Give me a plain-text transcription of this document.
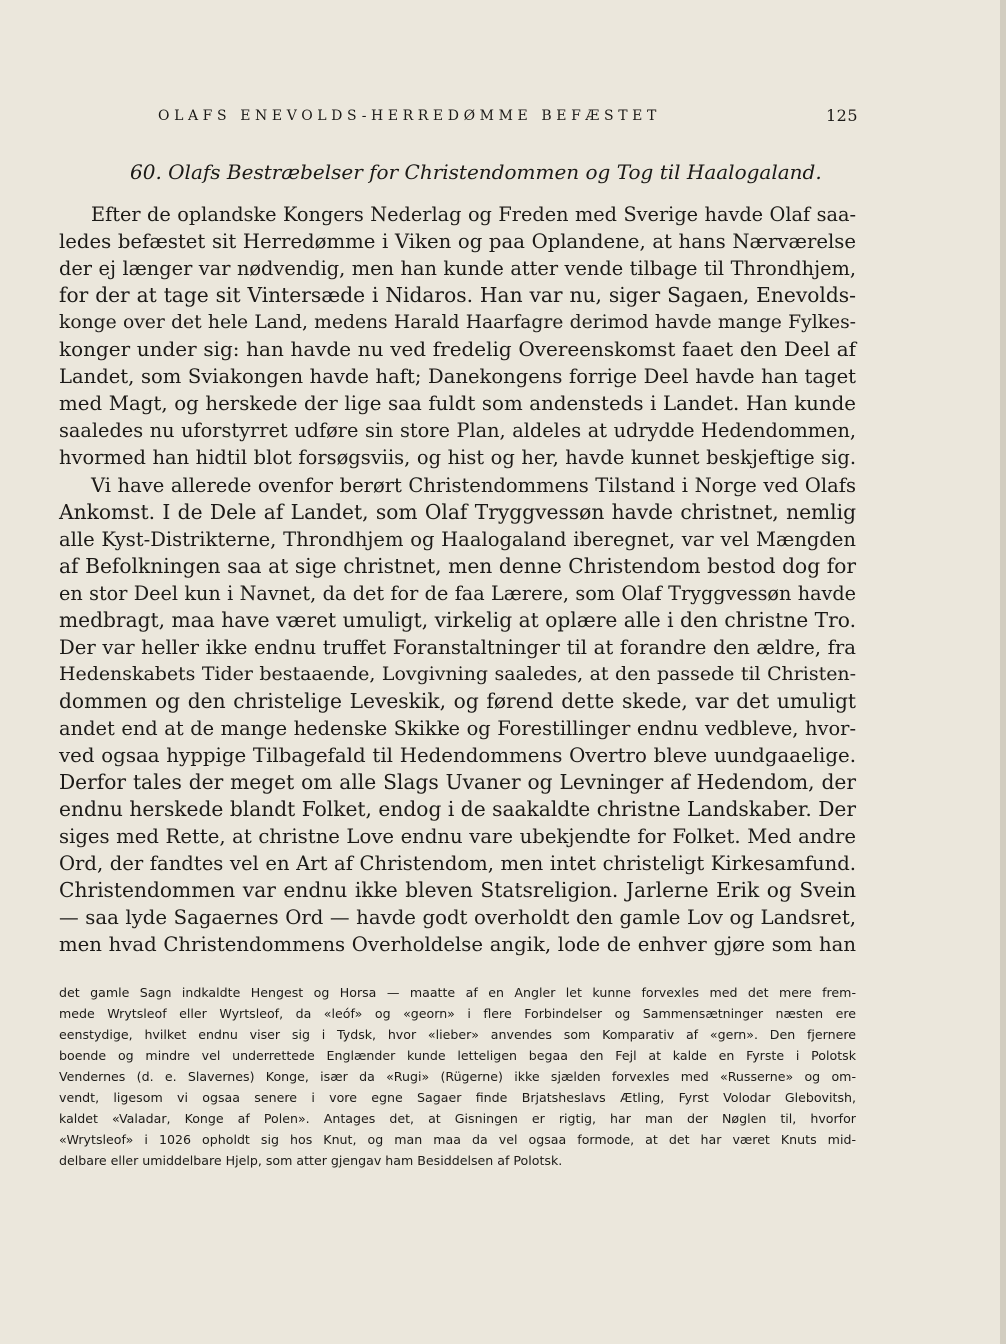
OLAFS ENEVOLDS-HERREDØMME BEFÆSTET	125
60. Olafs Bestræbelser for Christendommen og Tog til Haalogaland.
Efter de oplandske Kongers Nederlag og Freden med Sverige havde Olaf saa-
ledes befæstet sit Herredømme i Viken og paa Oplandene, at hans Nærværelse
der ej længer var nødvendig, men han kunde atter vende tilbage til Throndhjem,
for der at tage sit Vintersæde i Nidaros. Han var nu, siger Sagaen, Enevolds-
konge over det hele Land, medens Harald Haarfagre derimod havde mange Fylkes-
konger under sig: han havde nu ved fredelig Overeenskomst faaet den Deel af
Landet, som Sviakongen havde haft; Danekongens forrige Deel havde han taget
med Magt, og herskede der lige saa fuldt som andensteds i Landet. Han kunde
saaledes nu uforstyrret udføre sin store Plan, aldeles at udrydde Hedendommen,
hvormed han hidtil blot forsøgsviis, og hist og her, havde kunnet beskjeftige sig.
Vi have allerede ovenfor berørt Christendommens Tilstand i Norge ved Olafs
Ankomst. I de Dele af Landet, som Olaf Tryggvessøn havde christnet, nemlig
alle Kyst-Distrikterne, Throndhjem og Haalogaland iberegnet, var vel Mængden
af Befolkningen saa at sige christnet, men denne Christendom bestod dog for
en stor Deel kun i Navnet, da det for de faa Lærere, som Olaf Tryggvessøn havde
medbragt, maa have været umuligt, virkelig at oplære alle i den christne Tro.
Der var heller ikke endnu truffet Foranstaltninger til at forandre den ældre, fra
Hedenskabets Tider bestaaende, Lovgivning saaledes, at den passede til Christen-
dommen og den christelige Leveskik, og førend dette skede, var det umuligt
andet end at de mange hedenske Skikke og Forestillinger endnu vedbleve, hvor-
ved ogsaa hyppige Tilbagefald til Hedendommens Overtro bleve uundgaaelige.
Derfor tales der meget om alle Slags Uvaner og Levninger af Hedendom, der
endnu herskede blandt Folket, endog i de saakaldte christne Landskaber. Der
siges med Rette, at christne Love endnu vare ubekjendte for Folket. Med andre
Ord, der fandtes vel en Art af Christendom, men intet christeligt Kirkesamfund.
Christendommen var endnu ikke bleven Statsreligion. Jarlerne Erik og Svein
— saa lyde Sagaernes Ord — havde godt overholdt den gamle Lov og Landsret,
men hvad Christendommens Overholdelse angik, lode de enhver gjøre som han
det gamle Sagn indkaldte Hengest og Horsa — maatte af en Angler let kunne forvexles med det mere frem-
mede Wrytsleof eller Wyrtsleof, da «leóf» og «georn» i flere Forbindelser og Sammensætninger næsten ere
eenstydige, hvilket endnu viser sig i Tydsk, hvor «lieber» anvendes som Komparativ af «gern». Den fjernere
boende og mindre vel underrettede Englænder kunde letteligen begaa den Fejl at kalde en Fyrste i Polotsk
Vendernes (d. e. Slavernes) Konge, især da «Rugi» (Rügerne) ikke sjælden forvexles med «Russerne» og om-
vendt, ligesom vi ogsaa senere i vore egne Sagaer finde Brjatsheslavs Ætling, Fyrst Volodar Glebovitsh,
kaldet «Valadar, Konge af Polen». Antages det, at Gisningen er rigtig, har man der Nøglen til, hvorfor
«Wrytsleof» i 1026 opholdt sig hos Knut, og man maa da vel ogsaa formode, at det har været Knuts mid-
delbare eller umiddelbare Hjelp, som atter gjengav ham Besiddelsen af Polotsk.
